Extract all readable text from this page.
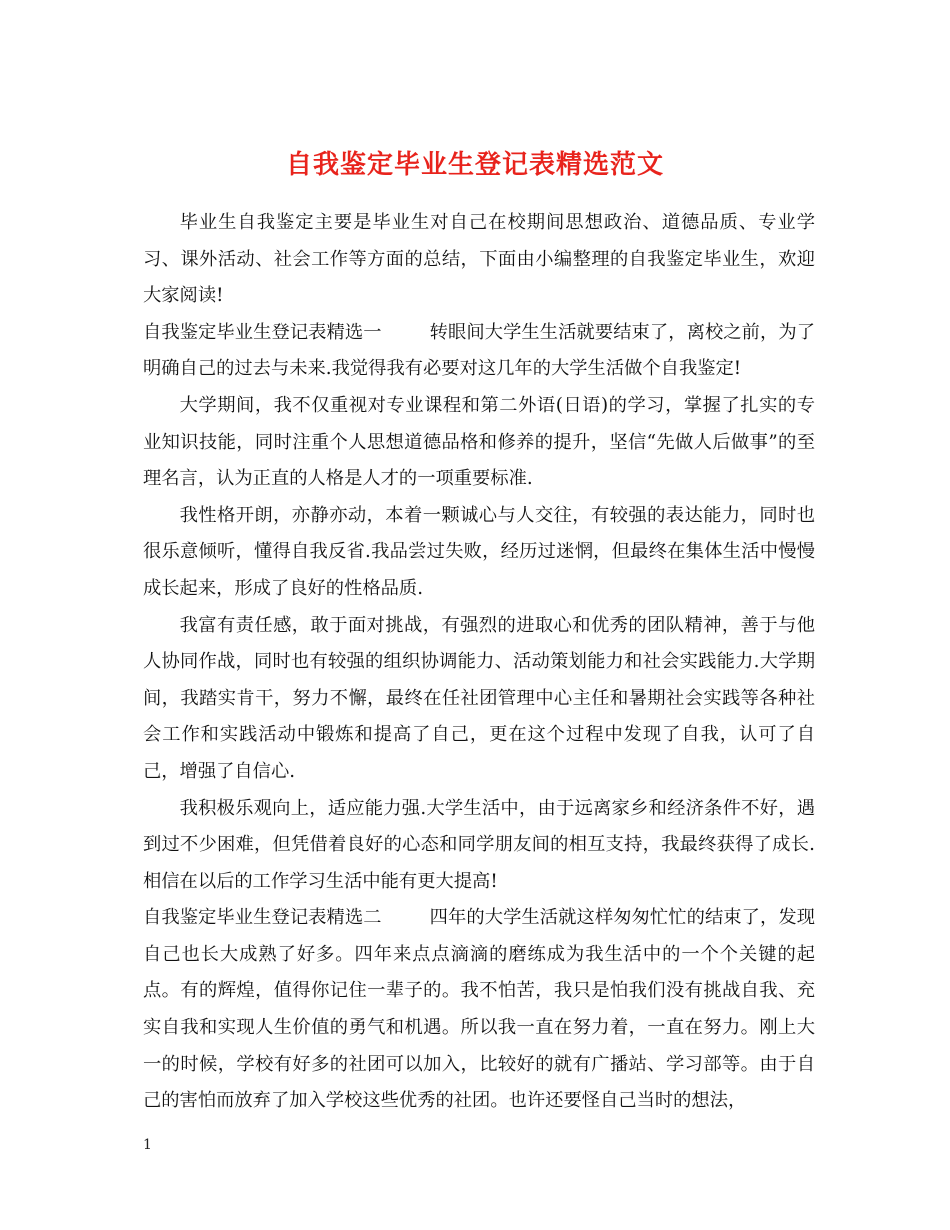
自我鉴定毕业生登记表精选范文

毕业生自我鉴定主要是毕业生对自己在校期间思想政治、道德品质、专业学习、课外活动、社会工作等方面的总结，下面由小编整理的自我鉴定毕业生，欢迎大家阅读!

自我鉴定毕业生登记表精选一	转眼间大学生生活就要结束了，离校之前，为了明确自己的过去与未来.我觉得我有必要对这几年的大学生活做个自我鉴定!

大学期间，我不仅重视对专业课程和第二外语(日语)的学习，掌握了扎实的专业知识技能，同时注重个人思想道德品格和修养的提升，坚信“先做人后做事”的至理名言，认为正直的人格是人才的一项重要标准.

我性格开朗，亦静亦动，本着一颗诚心与人交往，有较强的表达能力，同时也很乐意倾听，懂得自我反省.我品尝过失败，经历过迷惘，但最终在集体生活中慢慢成长起来，形成了良好的性格品质.

我富有责任感，敢于面对挑战，有强烈的进取心和优秀的团队精神，善于与他人协同作战，同时也有较强的组织协调能力、活动策划能力和社会实践能力.大学期间，我踏实肯干，努力不懈，最终在任社团管理中心主任和暑期社会实践等各种社会工作和实践活动中锻炼和提高了自己，更在这个过程中发现了自我，认可了自己，增强了自信心.

我积极乐观向上，适应能力强.大学生活中，由于远离家乡和经济条件不好，遇到过不少困难，但凭借着良好的心态和同学朋友间的相互支持，我最终获得了成长.相信在以后的工作学习生活中能有更大提高!

自我鉴定毕业生登记表精选二	四年的大学生活就这样匆匆忙忙的结束了，发现自己也长大成熟了好多。四年来点点滴滴的磨练成为我生活中的一个个关键的起点。有的辉煌，值得你记住一辈子的。我不怕苦，我只是怕我们没有挑战自我、充实自我和实现人生价值的勇气和机遇。所以我一直在努力着，一直在努力。刚上大一的时候，学校有好多的社团可以加入，比较好的就有广播站、学习部等。由于自己的害怕而放弃了加入学校这些优秀的社团。也许还要怪自己当时的想法，

1
